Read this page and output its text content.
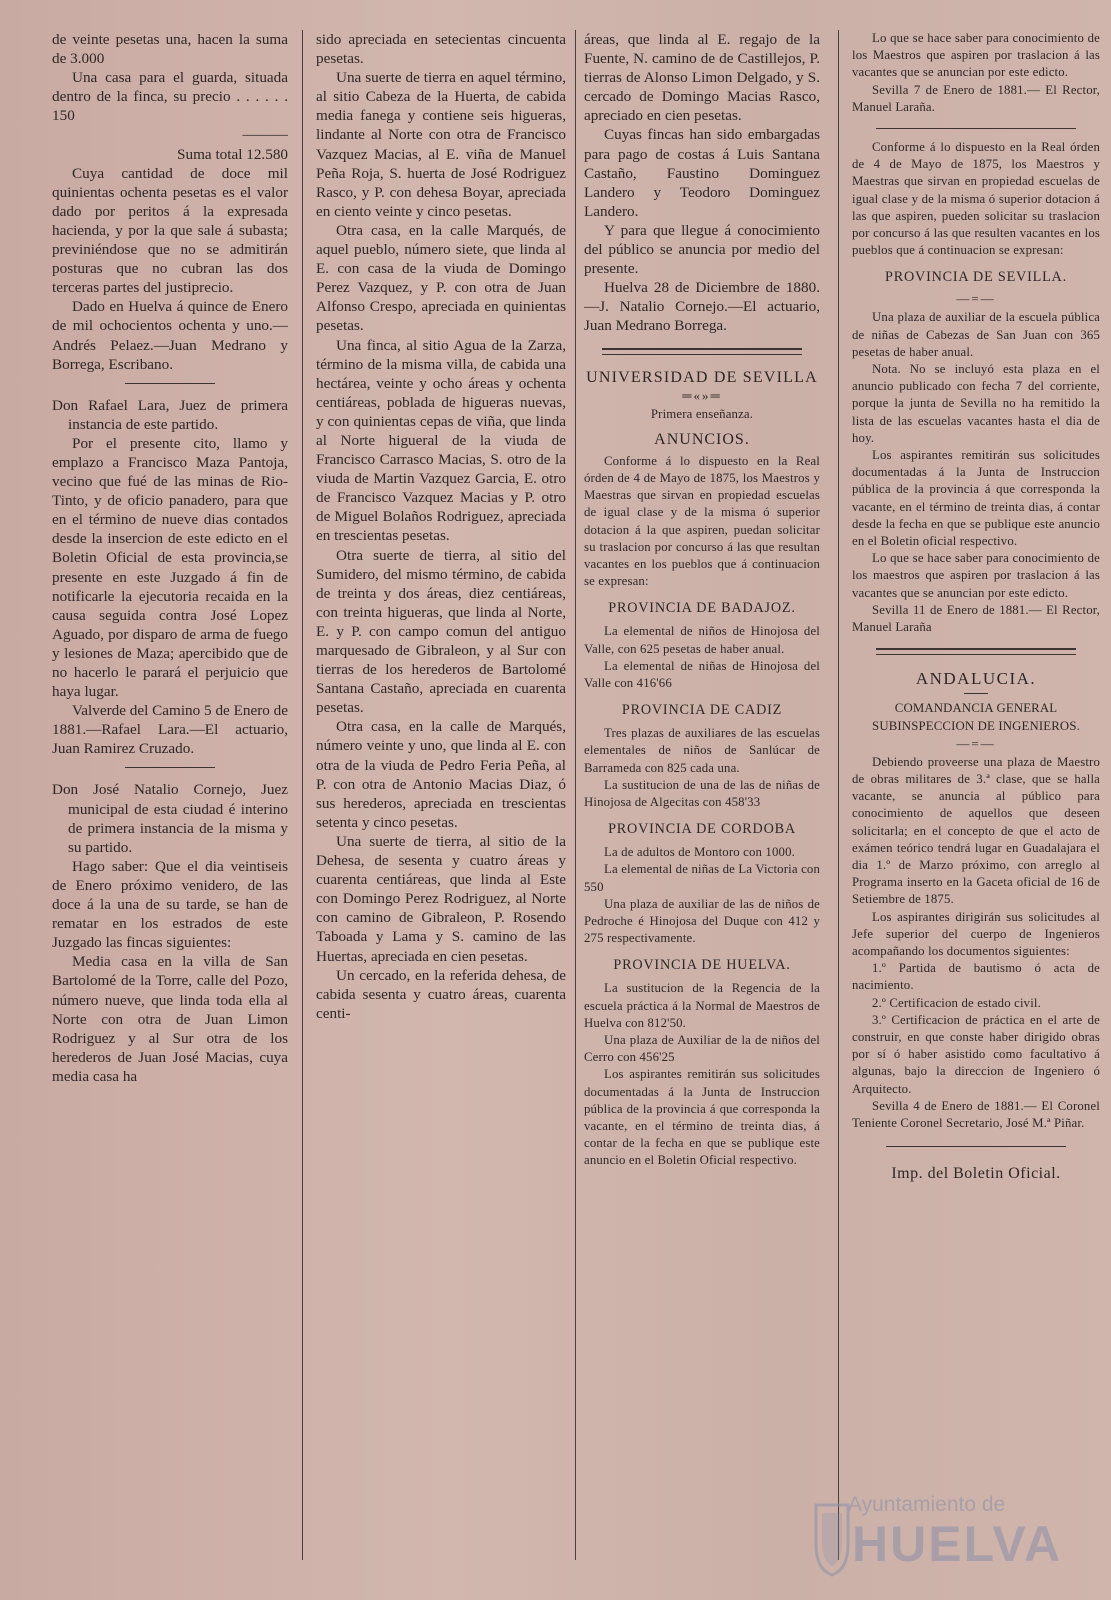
de veinte pesetas una, hacen la suma de 3.000

Una casa para el guarda, situada dentro de la finca, su precio . . . . . . 150

———

Suma total 12.580

Cuya cantidad de doce mil quinientas ochenta pesetas es el valor dado por peritos á la expresada hacienda, y por la que sale á subasta; previniéndose que no se admitirán posturas que no cubran las dos terceras partes del justiprecio.

Dado en Huelva á quince de Enero de mil ochocientos ochenta y uno.—Andrés Pelaez.—Juan Medrano y Borrega, Escribano.

Don Rafael Lara, Juez de primera instancia de este partido.

Por el presente cito, llamo y emplazo a Francisco Maza Pantoja, vecino que fué de las minas de Rio-Tinto, y de oficio panadero, para que en el término de nueve dias contados desde la insercion de este edicto en el Boletin Oficial de esta provincia,se presente en este Juzgado á fin de notificarle la ejecutoria recaida en la causa seguida contra José Lopez Aguado, por disparo de arma de fuego y lesiones de Maza; apercibido que de no hacerlo le parará el perjuicio que haya lugar.

Valverde del Camino 5 de Enero de 1881.—Rafael Lara.—El actuario, Juan Ramirez Cruzado.

Don José Natalio Cornejo, Juez municipal de esta ciudad é interino de primera instancia de la misma y su partido.

Hago saber: Que el dia veintiseis de Enero próximo venidero, de las doce á la una de su tarde, se han de rematar en los estrados de este Juzgado las fincas siguientes:

Media casa en la villa de San Bartolomé de la Torre, calle del Pozo, número nueve, que linda toda ella al Norte con otra de Juan Limon Rodriguez y al Sur otra de los herederos de Juan José Macias, cuya media casa ha

sido apreciada en setecientas cincuenta pesetas.

Una suerte de tierra en aquel término, al sitio Cabeza de la Huerta, de cabida media fanega y contiene seis higueras, lindante al Norte con otra de Francisco Vazquez Macias, al E. viña de Manuel Peña Roja, S. huerta de José Rodriguez Rasco, y P. con dehesa Boyar, apreciada en ciento veinte y cinco pesetas.

Otra casa, en la calle Marqués, de aquel pueblo, número siete, que linda al E. con casa de la viuda de Domingo Perez Vazquez, y P. con otra de Juan Alfonso Crespo, apreciada en quinientas pesetas.

Una finca, al sitio Agua de la Zarza, término de la misma villa, de cabida una hectárea, veinte y ocho áreas y ochenta centiáreas, poblada de higueras nuevas, y con quinientas cepas de viña, que linda al Norte higueral de la viuda de Francisco Carrasco Macias, S. otro de la viuda de Martin Vazquez Garcia, E. otro de Francisco Vazquez Macias y P. otro de Miguel Bolaños Rodriguez, apreciada en trescientas pesetas.

Otra suerte de tierra, al sitio del Sumidero, del mismo término, de cabida de treinta y dos áreas, diez centiáreas, con treinta higueras, que linda al Norte, E. y P. con campo comun del antiguo marquesado de Gibraleon, y al Sur con tierras de los herederos de Bartolomé Santana Castaño, apreciada en cuarenta pesetas.

Otra casa, en la calle de Marqués, número veinte y uno, que linda al E. con otra de la viuda de Pedro Feria Peña, al P. con otra de Antonio Macias Diaz, ó sus herederos, apreciada en trescientas setenta y cinco pesetas.

Una suerte de tierra, al sitio de la Dehesa, de sesenta y cuatro áreas y cuarenta centiáreas, que linda al Este con Domingo Perez Rodriguez, al Norte con camino de Gibraleon, P. Rosendo Taboada y Lama y S. camino de las Huertas, apreciada en cien pesetas.

Un cercado, en la referida dehesa, de cabida sesenta y cuatro áreas, cuarenta centi-

áreas, que linda al E. regajo de la Fuente, N. camino de de Castillejos, P. tierras de Alonso Limon Delgado, y S. cercado de Domingo Macias Rasco, apreciado en cien pesetas.

Cuyas fincas han sido embargadas para pago de costas á Luis Santana Castaño, Faustino Dominguez Landero y Teodoro Dominguez Landero.

Y para que llegue á conocimiento del público se anuncia por medio del presente.

Huelva 28 de Diciembre de 1880.—J. Natalio Cornejo.—El actuario, Juan Medrano Borrega.

UNIVERSIDAD DE SEVILLA

═«»═

Primera enseñanza.

ANUNCIOS.

Conforme á lo dispuesto en la Real órden de 4 de Mayo de 1875, los Maestros y Maestras que sirvan en propiedad escuelas de igual clase y de la misma ó superior dotacion á la que aspiren, puedan solicitar su traslacion por concurso á las que resultan vacantes en los pueblos que á continuacion se expresan:

PROVINCIA DE BADAJOZ.

La elemental de niños de Hinojosa del Valle, con 625 pesetas de haber anual.

La elemental de niñas de Hinojosa del Valle con 416'66

PROVINCIA DE CADIZ

Tres plazas de auxiliares de las escuelas elementales de niños de Sanlúcar de Barrameda con 825 cada una.

La sustitucion de una de las de niñas de Hinojosa de Algecitas con 458'33

PROVINCIA DE CORDOBA

La de adultos de Montoro con 1000.

La elemental de niñas de La Victoria con 550

Una plaza de auxiliar de las de niños de Pedroche é Hinojosa del Duque con 412 y 275 respectivamente.

PROVINCIA DE HUELVA.

La sustitucion de la Regencia de la escuela práctica á la Normal de Maestros de Huelva con 812'50.

Una plaza de Auxiliar de la de niños del Cerro con 456'25

Los aspirantes remitirán sus solicitudes documentadas á la Junta de Instruccion pública de la provincia á que corresponda la vacante, en el término de treinta dias, á contar de la fecha en que se publique este anuncio en el Boletin Oficial respectivo.

Lo que se hace saber para conocimiento de los Maestros que aspiren por traslacion á las vacantes que se anuncian por este edicto.

Sevilla 7 de Enero de 1881.— El Rector, Manuel Laraña.

Conforme á lo dispuesto en la Real órden de 4 de Mayo de 1875, los Maestros y Maestras que sirvan en propiedad escuelas de igual clase y de la misma ó superior dotacion á las que aspiren, pueden solicitar su traslacion por concurso á las que resulten vacantes en los pueblos que á continuacion se expresan:

PROVINCIA DE SEVILLA.

—=—

Una plaza de auxiliar de la escuela pública de niñas de Cabezas de San Juan con 365 pesetas de haber anual.

Nota. No se incluyó esta plaza en el anuncio publicado con fecha 7 del corriente, porque la junta de Sevilla no ha remitido la lista de las escuelas vacantes hasta el dia de hoy.

Los aspirantes remitirán sus solicitudes documentadas á la Junta de Instruccion pública de la provincia á que corresponda la vacante, en el término de treinta dias, á contar desde la fecha en que se publique este anuncio en el Boletin oficial respectivo.

Lo que se hace saber para conocimiento de los maestros que aspiren por traslacion á las vacantes que se anuncian por este edicto.

Sevilla 11 de Enero de 1881.— El Rector, Manuel Laraña

ANDALUCIA.

COMANDANCIA GENERAL SUBINSPECCION DE INGENIEROS.

—=—

Debiendo proveerse una plaza de Maestro de obras militares de 3.ª clase, que se halla vacante, se anuncia al público para conocimiento de aquellos que deseen solicitarla; en el concepto de que el acto de exámen teórico tendrá lugar en Guadalajara el dia 1.º de Marzo próximo, con arreglo al Programa inserto en la Gaceta oficial de 16 de Setiembre de 1875.

Los aspirantes dirigirán sus solicitudes al Jefe superior del cuerpo de Ingenieros acompañando los documentos siguientes:

1.º Partida de bautismo ó acta de nacimiento.

2.º Certificacion de estado civil.

3.º Certificacion de práctica en el arte de construir, en que conste haber dirigido obras por sí ó haber asistido como facultativo á algunas, bajo la direccion de Ingeniero ó Arquitecto.

Sevilla 4 de Enero de 1881.— El Coronel Teniente Coronel Secretario, José M.ª Piñar.

Imp. del Boletin Oficial.

Ayuntamiento de
HUELVA
